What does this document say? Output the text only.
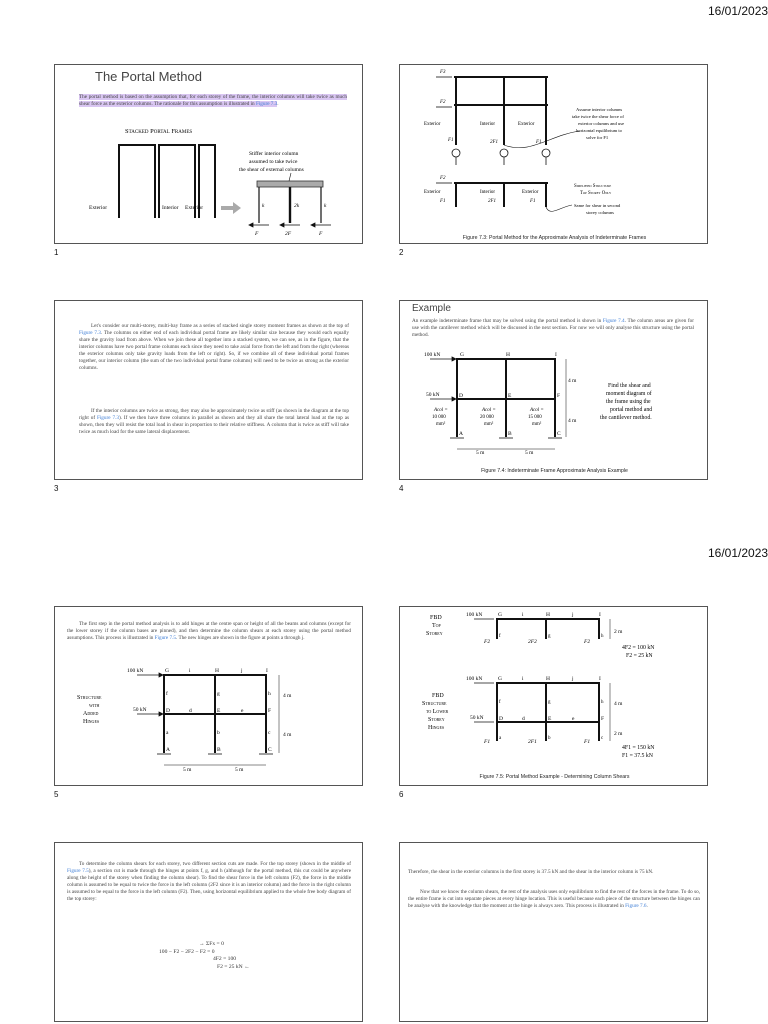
16/01/2023
16/01/2023
The Portal Method
The portal method is based on the assumption that, for each storey of the frame, the interior columns will take twice as much shear force as the exterior columns. The rationale for this assumption is illustrated in Figure 7.3.
Stacked Portal Frames
Exterior	Interior Exterior
Stiffer interior column
assumed to take twice
the shear of external columns
k	2k	k
F	2F	F
1
F3
F2
Exterior	Interior	Exterior
F1	2F1	F1
Assume interior columns
take twice the shear force of
exterior columns and use
horizontal equilibrium to
solve for F1
F2
Exterior	Interior	Exterior
F1	2F1	F1
Simplified Structure
Top Storey Only
Same for shear in second
storey columns
Figure 7.3: Portal Method for the Approximate Analysis of Indeterminate Frames
2
Let's consider our multi-storey, multi-bay frame as a series of stacked single storey moment frames as shown at the top of Figure 7.3. The columns on either end of each individual portal frame are likely similar size because they would each equally share the gravity load from above. When we join these all together into a stacked system, we can see, as in the figure, that the interior columns have two portal frame columns each since they need to take axial force from the left and from the right (whereas the exterior columns only take gravity loads from the left or right). So, if we combine all of these individual portal frames together, our interior column (the sum of the two individual portal frame columns) will need to be twice as strong as the exterior columns.
If the interior columns are twice as strong, they may also be approximately twice as stiff (as shown in the diagram at the top right of Figure 7.3). If we then have three columns in parallel as shown and they all share the total lateral load at the top as shown, then they will resist the total load in shear in proportion to their relative stiffness. A column that is twice as stiff will take twice as much load for the same lateral displacement.
3
Example
An example indeterminate frame that may be solved using the portal method is shown in Figure 7.4. The column areas are given for use with the cantilever method which will be discussed in the next section. For now we will only analyse this structure using the portal method.
100 kN
50 kN
G	H	I
D	E	F
A	B	C
Acol =
10 000
mm²
Acol =
20 000
mm²
Acol =
15 000
mm²
4 m
4 m
5 m	5 m
Find the shear and
moment diagram of
the frame using the
portal method and
the cantilever method.
Figure 7.4: Indeterminate Frame Approximate Analysis Example
4
The first step in the portal method analysis is to add hinges at the centre span or height of all the beams and columns (except for the lower storey if the column bases are pinned), and then determine the column shears at each storey using the portal method assumptions. This process is illustrated in Figure 7.5. The new hinges are shown in the figure at points a through j.
Structure
with
Added
Hinges
100 kN
50 kN
G	i	H	j	I
f	g	h
D	d	E	e	F
a	b	c
A	B	C
4 m
4 m
5 m	5 m
5
FBD
Top
Storey
100 kN	G	i	H	j	I
F2	2F2	F2
f	g	h
2 m
4F2 = 100 kN
F2 = 25 kN
FBD
Structure
to Lower
Storey
Hinges
100 kN
50 kN
G	i	H	j	I
f	g	h
D	d	E	e	F
a	b	c
F1	2F1	F1
4 m
2 m
4F1 = 150 kN
F1 = 37.5 kN
Figure 7.5: Portal Method Example - Determining Column Shears
6
To determine the column shears for each storey, two different section cuts are made. For the top storey (shown in the middle of Figure 7.5), a section cut is made through the hinges at points f, g, and h (although for the portal method, this cut could be anywhere along the height of the storey when finding the column shear). To find the shear force in the left column (F2), the force in the middle column is assumed to be equal to twice the force in the left column (2F2 since it is an interior column) and the force in the right column is assumed to be equal to the force in the left column (F2). Then, using horizontal equilibrium applied to the whole free body diagram of the top storey:
→ ΣFx = 0
100 − F2 − 2F2 − F2 = 0
4F2 = 100
F2 = 25 kN ←
Therefore, the shear in the exterior columns in the first storey is 37.5 kN and the shear in the interior column is 75 kN.
Now that we know the column shears, the rest of the analysis uses only equilibrium to find the rest of the forces in the frame. To do so, the entire frame is cut into separate pieces at every hinge location. This is useful because each piece of the structure between the hinges can be analyse with the knowledge that the moment at the hinge is always zero. This process is illustrated in Figure 7.6.
